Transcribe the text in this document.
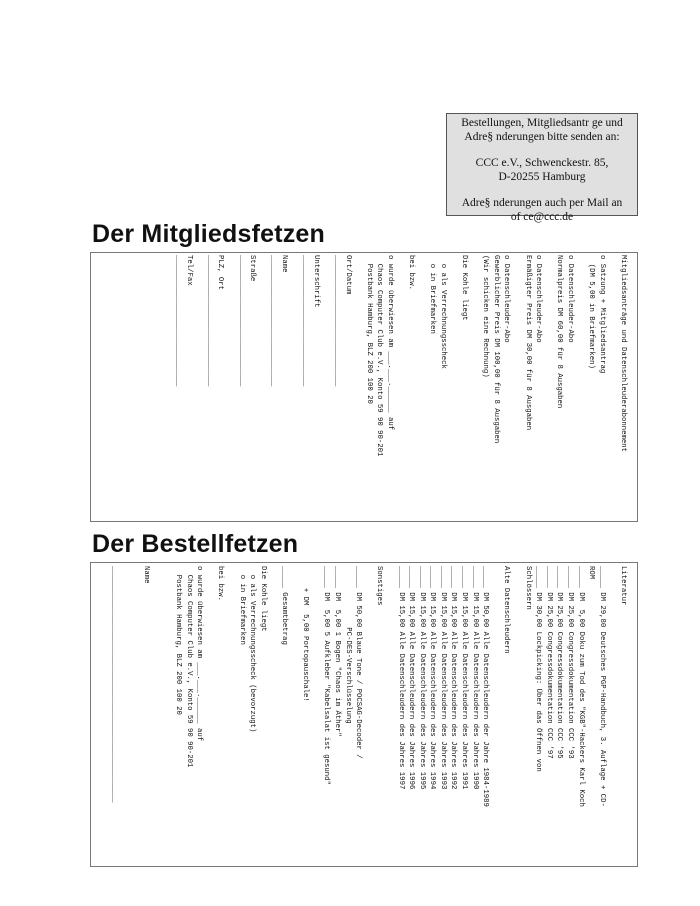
Bestellungen, Mitgliedsantr ge und

Adre§ nderungen bitte senden an:

CCC e.V., Schwenckestr. 85,

D-20255 Hamburg

Adre§ nderungen auch per Mail an

of ce@ccc.de

Der Mitgliedsfetzen
Mitgliedsanträge und Datenschleuderabonnement
o Satzung + Mitgliedsantrag
(DM 5,00 in Briefmarken)
o Datenschleuder-Abo
Normalpreis DM 60,00 für 8 Ausgaben
o Datenschleuder-Abo
Ermäßigter Preis DM 30,00 für 8 Ausgaben
o Datenschleuder-Abo
Gewerblicher Preis DM 100,00 für 8 Ausgaben
(Wir schicken eine Rechnung)
Die Kohle liegt
o als Verrechnungsscheck
o in Briefmarken
bei bzw.
o wurde überwiesen am ___.___.______ auf
Chaos Computer Club e.V., Konto 59 90 90-201
Postbank Hamburg, BLZ 200 100 20
Ort/Datum
______________________________
Unterschrift
______________________________
Name
______________________________
Straße
______________________________
PLZ, Ort
______________________________
Tel/Fax
______________________________
Der Bestellfetzen
Literatur
_____ DM 29,80 Deutsches PGP-Handbuch, 3. Auflage + CD-
ROM
_____ DM  5,00 Doku zum Tod des "KGB"-Hackers Karl Koch
_____ DM 25,00 Congressdokumentation CCC '93
_____ DM 25,00 Congressdokumentation CCC '95
_____ DM 25,00 Congressdokumentation CCC '97
_____ DM 30,00 Lockpicking: Über das Öffnen von
Schlössern
Alte Datenschleudern
_____ DM 50,00 Alle Datenschleudern der Jahre 1984-1989
_____ DM 15,00 Alle Datenschleudern des Jahres 1990
_____ DM 15,00 Alle Datenschleudern des Jahres 1991
_____ DM 15,00 Alle Datenschleudern des Jahres 1992
_____ DM 15,00 Alle Datenschleudern des Jahres 1993
_____ DM 15,00 Alle Datenschleudern des Jahres 1994
_____ DM 15,00 Alle Datenschleudern des Jahres 1995
_____ DM 15,00 Alle Datenschleudern des Jahres 1996
_____ DM 15,00 Alle Datenschleudern des Jahres 1997
Sonstiges
_____ DM 50,00 Blaue Tone / POCSAG-Decoder /
PC-DES-Verschlüsselung
_____ DM  5,00 1 Bogen "Chaos im Äther"
_____ DM  5,00 5 Aufkleber "Kabelsalat ist gesund"
+ DM  5,00 Portopauschale!
_____ Gesamtbetrag
Die Kohle liegt
o als Verrechnungsscheck (bevorzugt)
o in Briefmarken
bei bzw.
o wurde überwiesen am ___.___.______ auf
Chaos Computer Club e.V., Konto 59 90 90-201
Postbank Hamburg, BLZ 200 100 20
Name
______________________________________________________
